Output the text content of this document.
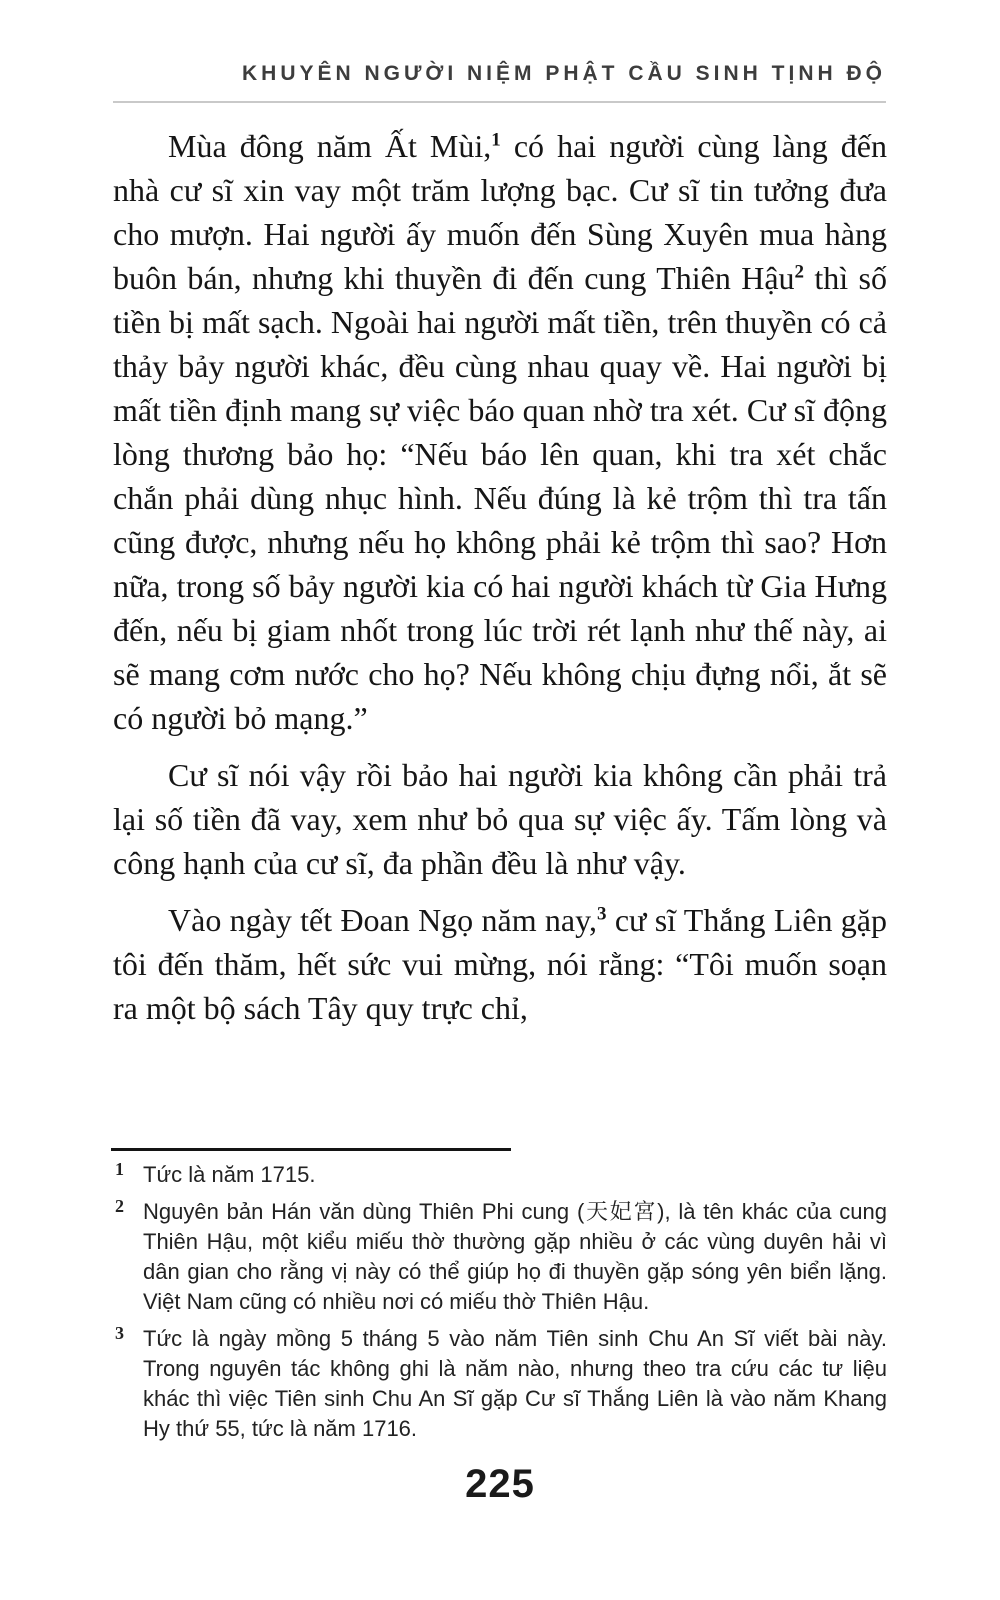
KHUYÊN NGƯỜI NIỆM PHẬT CẦU SINH TỊNH ĐỘ

Mùa đông năm Ất Mùi,$^1$ có hai người cùng làng đến nhà cư sĩ xin vay một trăm lượng bạc. Cư sĩ tin tưởng đưa cho mượn. Hai người ấy muốn đến Sùng Xuyên mua hàng buôn bán, nhưng khi thuyền đi đến cung Thiên Hậu$^2$ thì số tiền bị mất sạch. Ngoài hai người mất tiền, trên thuyền có cả thảy bảy người khác, đều cùng nhau quay về. Hai người bị mất tiền định mang sự việc báo quan nhờ tra xét. Cư sĩ động lòng thương bảo họ: “Nếu báo lên quan, khi tra xét chắc chắn phải dùng nhục hình. Nếu đúng là kẻ trộm thì tra tấn cũng được, nhưng nếu họ không phải kẻ trộm thì sao? Hơn nữa, trong số bảy người kia có hai người khách từ Gia Hưng đến, nếu bị giam nhốt trong lúc trời rét lạnh như thế này, ai sẽ mang cơm nước cho họ? Nếu không chịu đựng nổi, ắt sẽ có người bỏ mạng.”

Cư sĩ nói vậy rồi bảo hai người kia không cần phải trả lại số tiền đã vay, xem như bỏ qua sự việc ấy. Tấm lòng và công hạnh của cư sĩ, đa phần đều là như vậy.

Vào ngày tết Đoan Ngọ năm nay,$^3$ cư sĩ Thắng Liên gặp tôi đến thăm, hết sức vui mừng, nói rằng: “Tôi muốn soạn ra một bộ sách Tây quy trực chỉ,

1 Tức là năm 1715.
2 Nguyên bản Hán văn dùng Thiên Phi cung (天妃宮), là tên khác của cung Thiên Hậu, một kiểu miếu thờ thường gặp nhiều ở các vùng duyên hải vì dân gian cho rằng vị này có thể giúp họ đi thuyền gặp sóng yên biển lặng. Việt Nam cũng có nhiều nơi có miếu thờ Thiên Hậu.
3 Tức là ngày mồng 5 tháng 5 vào năm Tiên sinh Chu An Sĩ viết bài này. Trong nguyên tác không ghi là năm nào, nhưng theo tra cứu các tư liệu khác thì việc Tiên sinh Chu An Sĩ gặp Cư sĩ Thắng Liên là vào năm Khang Hy thứ 55, tức là năm 1716.
225
